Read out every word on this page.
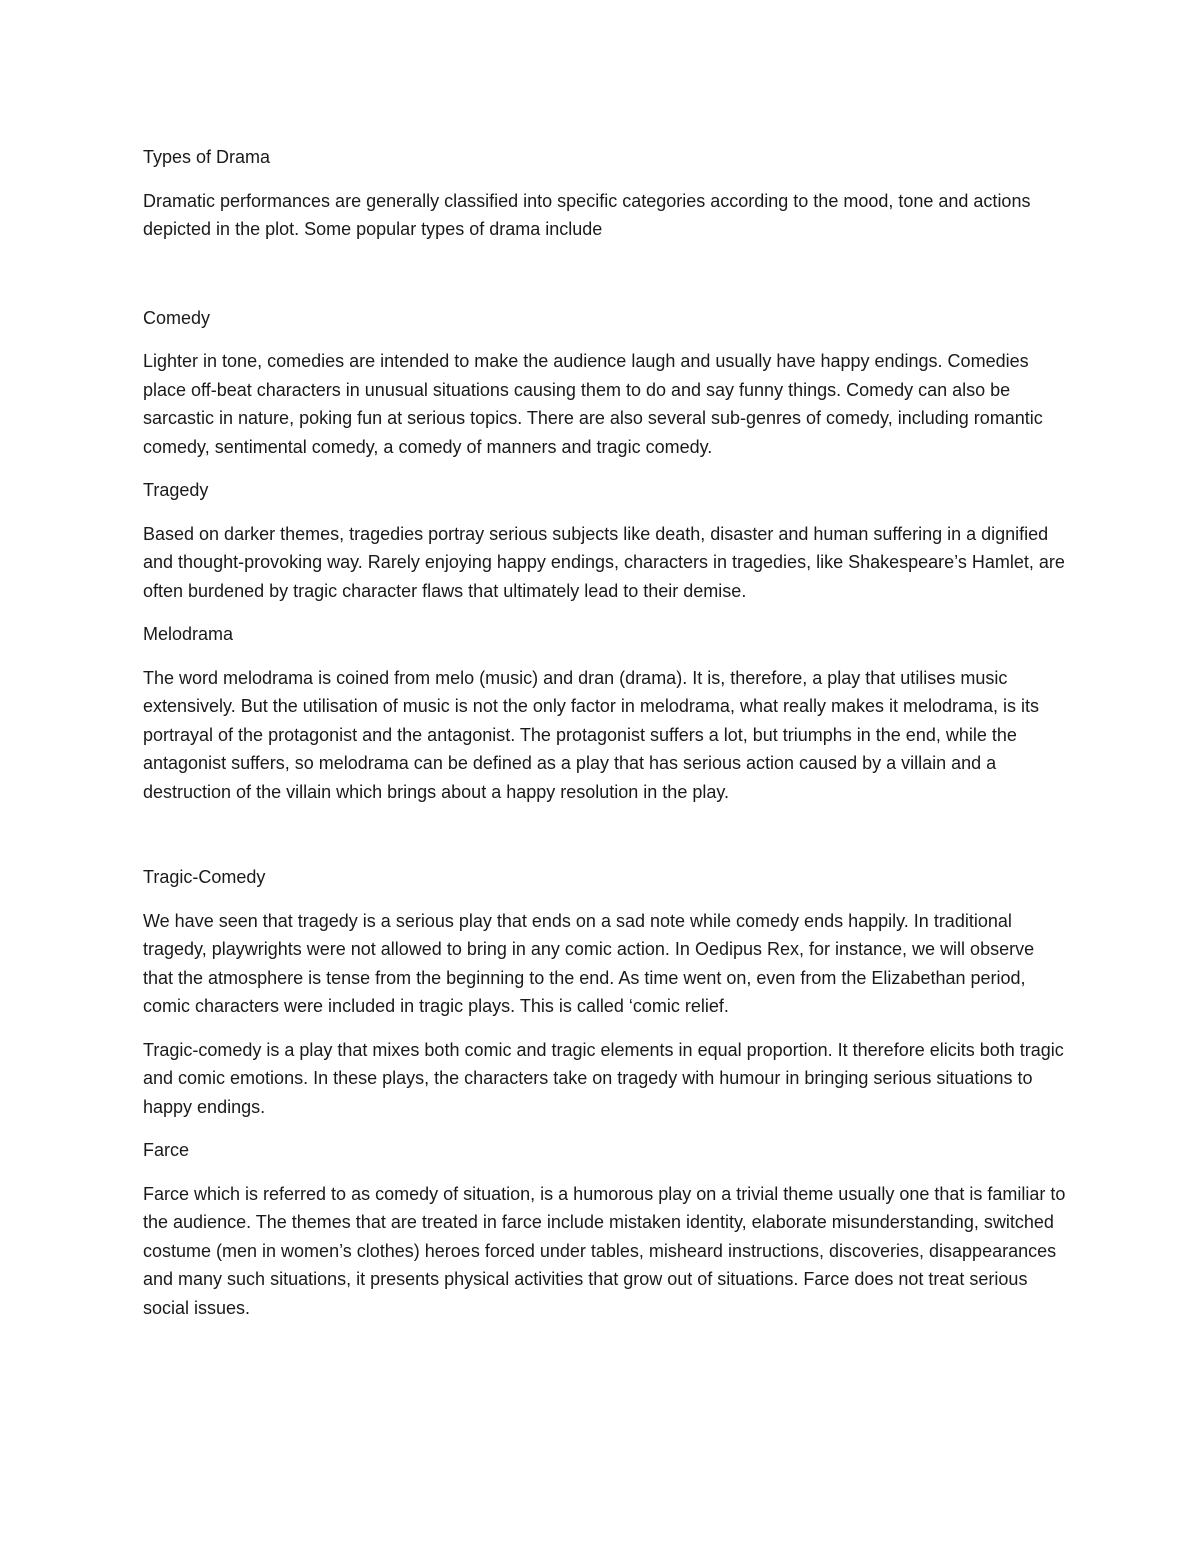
Types of Drama

Dramatic performances are generally classified into specific categories according to the mood, tone and actions depicted in the plot. Some popular types of drama include

Comedy

Lighter in tone, comedies are intended to make the audience laugh and usually have happy endings. Comedies place off-beat characters in unusual situations causing them to do and say funny things. Comedy can also be sarcastic in nature, poking fun at serious topics. There are also several sub-genres of comedy, including romantic comedy, sentimental comedy, a comedy of manners and tragic comedy.

Tragedy

Based on darker themes, tragedies portray serious subjects like death, disaster and human suffering in a dignified and thought-provoking way. Rarely enjoying happy endings, characters in tragedies, like Shakespeare’s Hamlet, are often burdened by tragic character flaws that ultimately lead to their demise.

Melodrama

The word melodrama is coined from melo (music) and dran (drama). It is, therefore, a play that utilises music extensively. But the utilisation of music is not the only factor in melodrama, what really makes it melodrama, is its portrayal of the protagonist and the antagonist. The protagonist suffers a lot, but triumphs in the end, while the antagonist suffers, so melodrama can be defined as a play that has serious action caused by a villain and a destruction of the villain which brings about a happy resolution in the play.

Tragic-Comedy

We have seen that tragedy is a serious play that ends on a sad note while comedy ends happily. In traditional tragedy, playwrights were not allowed to bring in any comic action. In Oedipus Rex, for instance, we will observe that the atmosphere is tense from the beginning to the end. As time went on, even from the Elizabethan period, comic characters were included in tragic plays. This is called ‘comic relief.

Tragic-comedy is a play that mixes both comic and tragic elements in equal proportion. It therefore elicits both tragic and comic emotions. In these plays, the characters take on tragedy with humour in bringing serious situations to happy endings.

Farce

Farce which is referred to as comedy of situation, is a humorous play on a trivial theme usually one that is familiar to the audience. The themes that are treated in farce include mistaken identity, elaborate misunderstanding, switched costume (men in women’s clothes) heroes forced under tables, misheard instructions, discoveries, disappearances and many such situations, it presents physical activities that grow out of situations. Farce does not treat serious social issues.
